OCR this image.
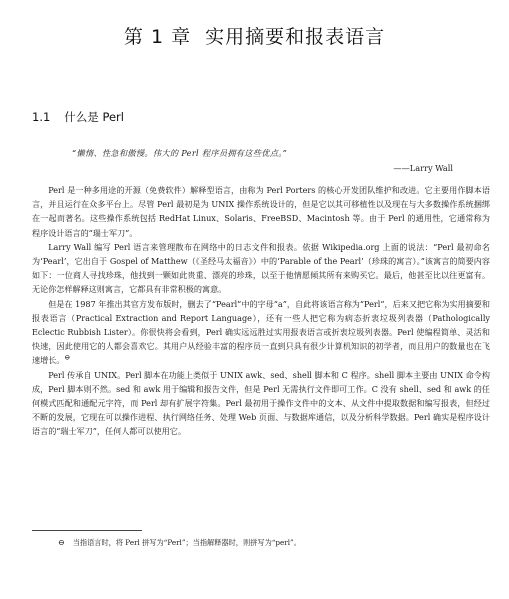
第 1 章 实用摘要和报表语言
1.1 什么是 Perl
“懒惰、性急和傲慢。伟大的 Perl 程序员拥有这些优点。”
——Larry Wall

Perl 是一种多用途的开源（免费软件）解释型语言，由称为 Perl Porters 的核心开发团队维护和改进。它主要用作脚本语言，并且运行在众多平台上。尽管 Perl 最初是为 UNIX 操作系统设计的，但是它以其可移植性以及现在与大多数操作系统捆绑在一起而著名。这些操作系统包括 RedHat Linux、Solaris、FreeBSD、Macintosh 等。由于 Perl 的通用性，它通常称为程序设计语言的“瑞士军刀”。

Larry Wall 编写 Perl 语言来管理散布在网络中的日志文件和报表。依据 Wikipedia.org 上面的说法：“Perl 最初命名为‘Pearl’，它出自于 Gospel of Matthew（《圣经马太福音》）中的‘Parable of the Pearl’（珍珠的寓言）。”该寓言的简要内容如下：一位商人寻找珍珠，他找到一颗如此贵重、漂亮的珍珠，以至于他情愿倾其所有来购买它。最后，他甚至比以往更富有。无论你怎样解释这则寓言，它都具有非常积极的寓意。

但是在 1987 年推出其官方发布版时，删去了“Pearl”中的字母“a”，自此将该语言称为“Perl”，后来又把它称为实用摘要和报表语言（Practical Extraction and Report Language），还有一些人把它称为病态折衷垃圾列表器（Pathologically Eclectic Rubbish Lister）。你很快将会看到，Perl 确实远远胜过实用报表语言或折衷垃圾列表器。Perl 使编程简单、灵活和快速，因此使用它的人都会喜欢它。其用户从经验丰富的程序员一直到只具有很少计算机知识的初学者，而且用户的数量也在飞速增长。⊖

Perl 传承自 UNIX。Perl 脚本在功能上类似于 UNIX awk、sed、shell 脚本和 C 程序。shell 脚本主要由 UNIX 命令构成，Perl 脚本则不然。sed 和 awk 用于编辑和报告文件，但是 Perl 无需执行文件即可工作。C 没有 shell、sed 和 awk 的任何模式匹配和通配元字符，而 Perl 却有扩展字符集。Perl 最初用于操作文件中的文本、从文件中提取数据和编写报表，但经过不断的发展，它现在可以操作进程、执行网络任务、处理 Web 页面、与数据库通信，以及分析科学数据。Perl 确实是程序设计语言的“瑞士军刀”，任何人都可以使用它。

⊖ 当指语言时，将 Perl 拼写为“Perl”；当指解释器时，则拼写为“perl”。
